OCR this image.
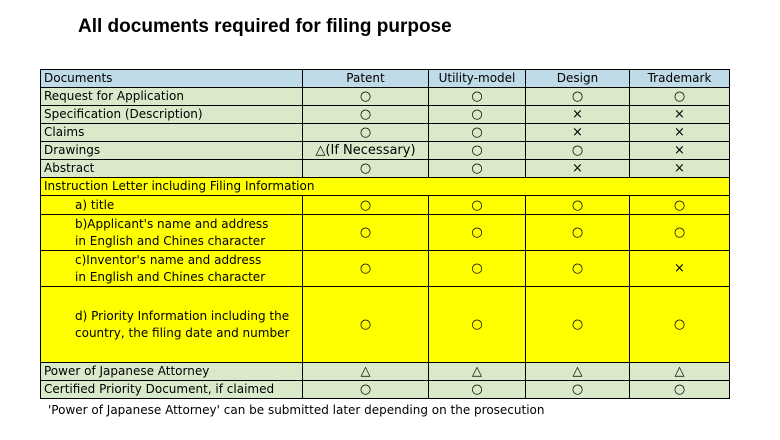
All documents required for filing purpose
Documents	Patent	Utility-model	Design	Trademark
Request for Application	○	○	○	○
Specification (Description)	○	○	×	×
Claims	○	○	×	×
Drawings	△(If Necessary)	○	○	×
Abstract	○	○	×	×
Instruction Letter including Filing Information				

a) title	○	○	○	○

b)Applicant's name and address
in English and Chines character	○	○	○	○

c)Inventor's name and address
in English and Chines character	○	○	○	×

d) Priority Information including the
country, the filing date and number	○	○	○	○
Power of Japanese Attorney	△	△	△	△
Certified Priority Document, if claimed	○	○	○	○
'Power of Japanese Attorney' can be submitted later depending on the prosecution
